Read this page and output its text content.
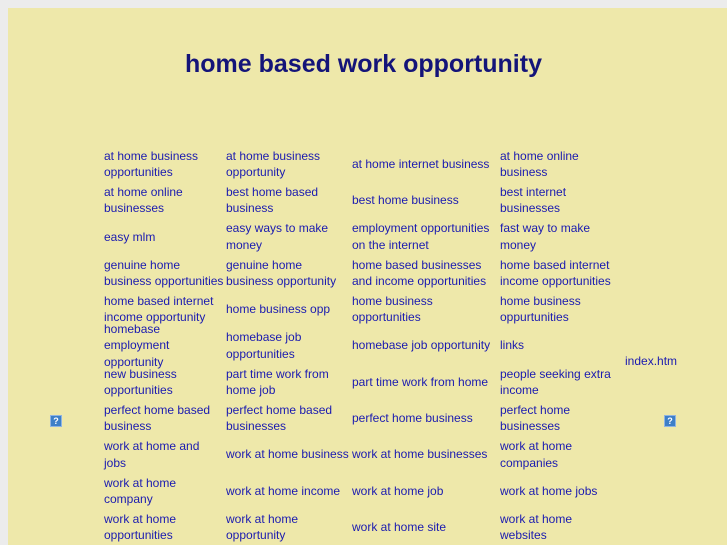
home based work opportunity
at home business opportunities
at home business opportunity
at home internet business
at home online business
at home online businesses
best home based business
best home business
best internet businesses
easy mlm
easy ways to make money
employment opportunities on the internet
fast way to make money
genuine home business opportunities
genuine home business opportunity
home based businesses and income opportunities
home based internet income opportunities
home based internet income opportunity
home business opp
home business opportunities
home business oppurtunities
homebase employment opportunity
homebase job opportunities
homebase job opportunity links
new business opportunities
part time work from home job
part time work from home
people seeking extra income
perfect home based business
perfect home based businesses
perfect home business
perfect home businesses
work at home and jobs
work at home business work at home businesses
work at home companies
work at home company
work at home income work at home job	work at home jobs
work at home opportunities
work at home opportunity
work at home site
work at home websites
?	?
index.htm
